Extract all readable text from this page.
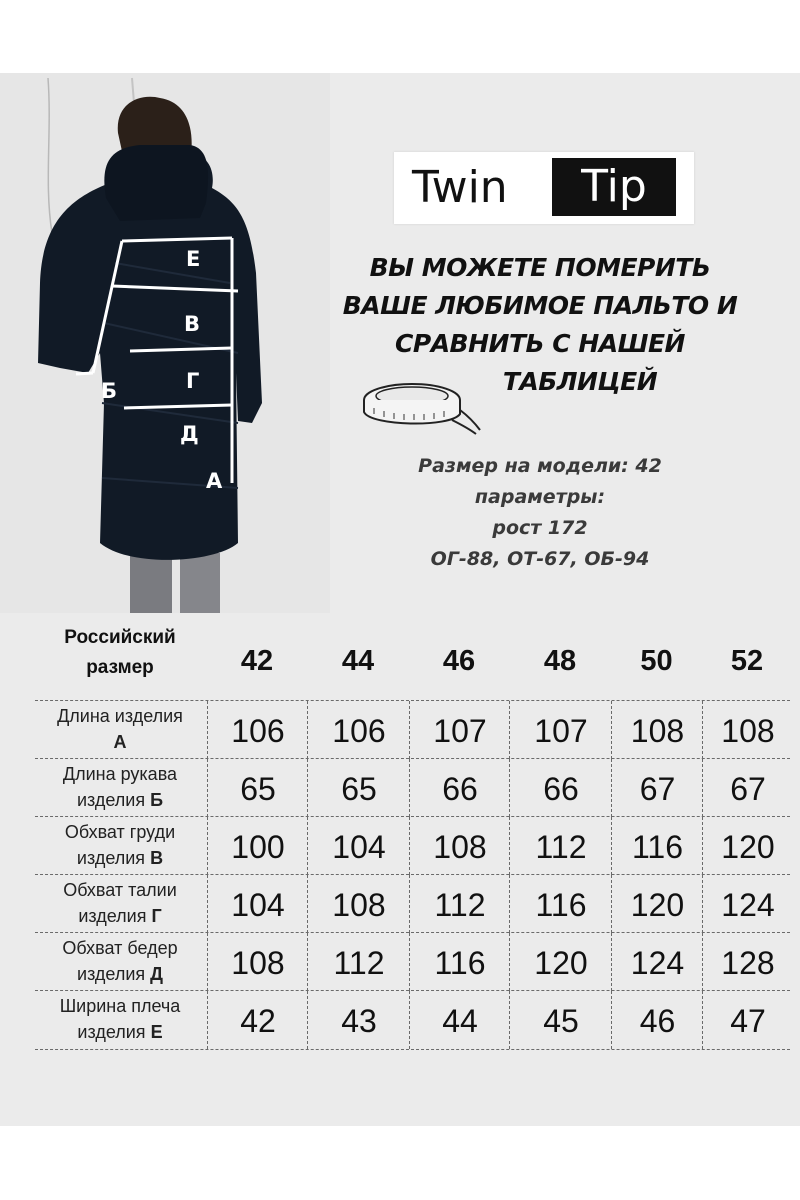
Е
В
Б	Г
Д
А
Twin	Tip
ВЫ МОЖЕТЕ ПОМЕРИТЬ
ВАШЕ ЛЮБИМОЕ ПАЛЬТО И
СРАВНИТЬ С НАШЕЙ
ТАБЛИЦЕЙ
Размер на модели: 42
параметры:
рост 172
ОГ-88, ОТ-67, ОБ-94
Российский
размер	42	44	46	48	50	52
Длина изделия
А	106	106	107	107	108	108
Длина рукава
изделия Б	65	65	66	66	67	67
Обхват груди
изделия В	100	104	108	112	116	120
Обхват талии
изделия Г	104	108	112	116	120	124
Обхват бедер
изделия Д	108	112	116	120	124	128
Ширина плеча
изделия Е	42	43	44	45	46	47
